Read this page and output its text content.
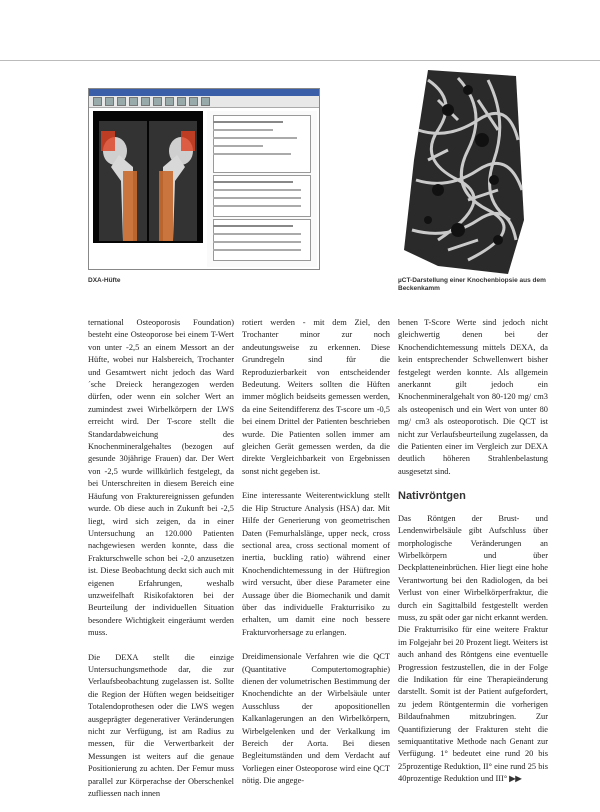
DXA-Hüfte	µCT-Darstellung einer Knochenbiopsie aus dem Beckenkamm

ternational Osteoporosis Foundation) besteht eine Osteoporose bei einem T-Wert von unter -2,5 an einem Messort an der Hüfte, wobei nur Halsbereich, Trochanter und Gesamtwert nicht jedoch das Ward´sche Dreieck herangezogen werden dürfen, oder wenn ein solcher Wert an zumindest zwei Wirbelkörpern der LWS erreicht wird. Der T-score stellt die Standardabweichung des Knochenmineralgehaltes (bezogen auf gesunde 30jährige Frauen) dar. Der Wert von -2,5 wurde willkürlich festgelegt, da bei Unterschreiten in diesem Bereich eine Häufung von Frakturereignissen gefunden wurde. Ob diese auch in Zukunft bei -2,5 liegt, wird sich zeigen, da in einer Untersuchung an 120.000 Patienten nachgewiesen werden konnte, dass die Frakturschwelle schon bei -2,0 anzusetzen ist. Diese Beobachtung deckt sich auch mit eigenen Erfahrungen, weshalb unzweifelhaft Risikofaktoren bei der Beurteilung der individuellen Situation besondere Wichtigkeit eingeräumt werden muss.

Die DEXA stellt die einzige Untersuchungsmethode dar, die zur Verlaufsbeobachtung zugelassen ist. Sollte die Region der Hüften wegen beidseitiger Totalendoprothesen oder die LWS wegen ausgeprägter degenerativer Veränderungen nicht zur Verfügung, ist am Radius zu messen, für die Verwertbarkeit der Messungen ist weiters auf die genaue Positionierung zu achten. Der Femur muss parallel zur Körperachse der Oberschenkel zufliessen nach innen

rotiert werden - mit dem Ziel, den Trochanter minor zur noch andeutungsweise zu erkennen. Diese Grundregeln sind für die Reproduzierbarkeit von entscheidender Bedeutung. Weiters sollten die Hüften immer möglich beidseits gemessen werden, da eine Seitendifferenz des T-score um -0,5 bei einem Drittel der Patienten beschrieben wurde. Die Patienten sollen immer am gleichen Gerät gemessen werden, da die direkte Vergleichbarkeit von Ergebnissen sonst nicht gegeben ist.

Eine interessante Weiterentwicklung stellt die Hip Structure Analysis (HSA) dar. Mit Hilfe der Generierung von geometrischen Daten (Femurhalslänge, upper neck, cross sectional area, cross sectional moment of inertia, buckling ratio) während einer Knochendichtemessung in der Hüftregion wird versucht, über diese Parameter eine Aussage über die Biomechanik und damit über das individuelle Frakturrisiko zu erhalten, um damit eine noch bessere Frakturvorhersage zu erlangen.

Dreidimensionale Verfahren wie die QCT (Quantitative Computertomographie) dienen der volumetrischen Bestimmung der Knochendichte an der Wirbelsäule unter Ausschluss der apopositionellen Kalkanlagerungen an den Wirbelkörpern, Wirbelgelenken und der Verkalkung im Bereich der Aorta. Bei diesen Begleitumständen und dem Verdacht auf Vorliegen einer Osteoporose wird eine QCT nötig. Die angege-

benen T-Score Werte sind jedoch nicht gleichwertig denen bei der Knochendichtemessung mittels DEXA, da kein entsprechender Schwellenwert bisher festgelegt werden konnte. Als allgemein anerkannt gilt jedoch ein Knochenmineralgehalt von 80-120 mg/ cm3 als osteopenisch und ein Wert von unter 80 mg/ cm3 als osteoporotisch. Die QCT ist nicht zur Verlaufsbeurteilung zugelassen, da die Patienten einer im Vergleich zur DEXA deutlich höheren Strahlenbelastung ausgesetzt sind.

Nativröntgen

Das Röntgen der Brust- und Lendenwirbelsäule gibt Aufschluss über morphologische Veränderungen an Wirbelkörpern und über Deckplatteneinbrüchen. Hier liegt eine hohe Verantwortung bei den Radiologen, da bei Verlust von einer Wirbelkörperfraktur, die durch ein Sagittalbild festgestellt werden muss, zu spät oder gar nicht erkannt werden. Die Frakturrisiko für eine weitere Fraktur im Folgejahr bei 20 Prozent liegt. Weiters ist auch anhand des Röntgens eine eventuelle Progression festzustellen, die in der Folge die Indikation für eine Therapieänderung darstellt. Somit ist der Patient aufgefordert, zu jedem Röntgentermin die vorherigen Bildaufnahmen mitzubringen. Zur Quantifizierung der Frakturen steht die semiquantitative Methode nach Genant zur Verfügung. 1° bedeutet eine rund 20 bis 25prozentige Reduktion, II° eine rund 25 bis 40prozentige Reduktion und III° ▶▶
